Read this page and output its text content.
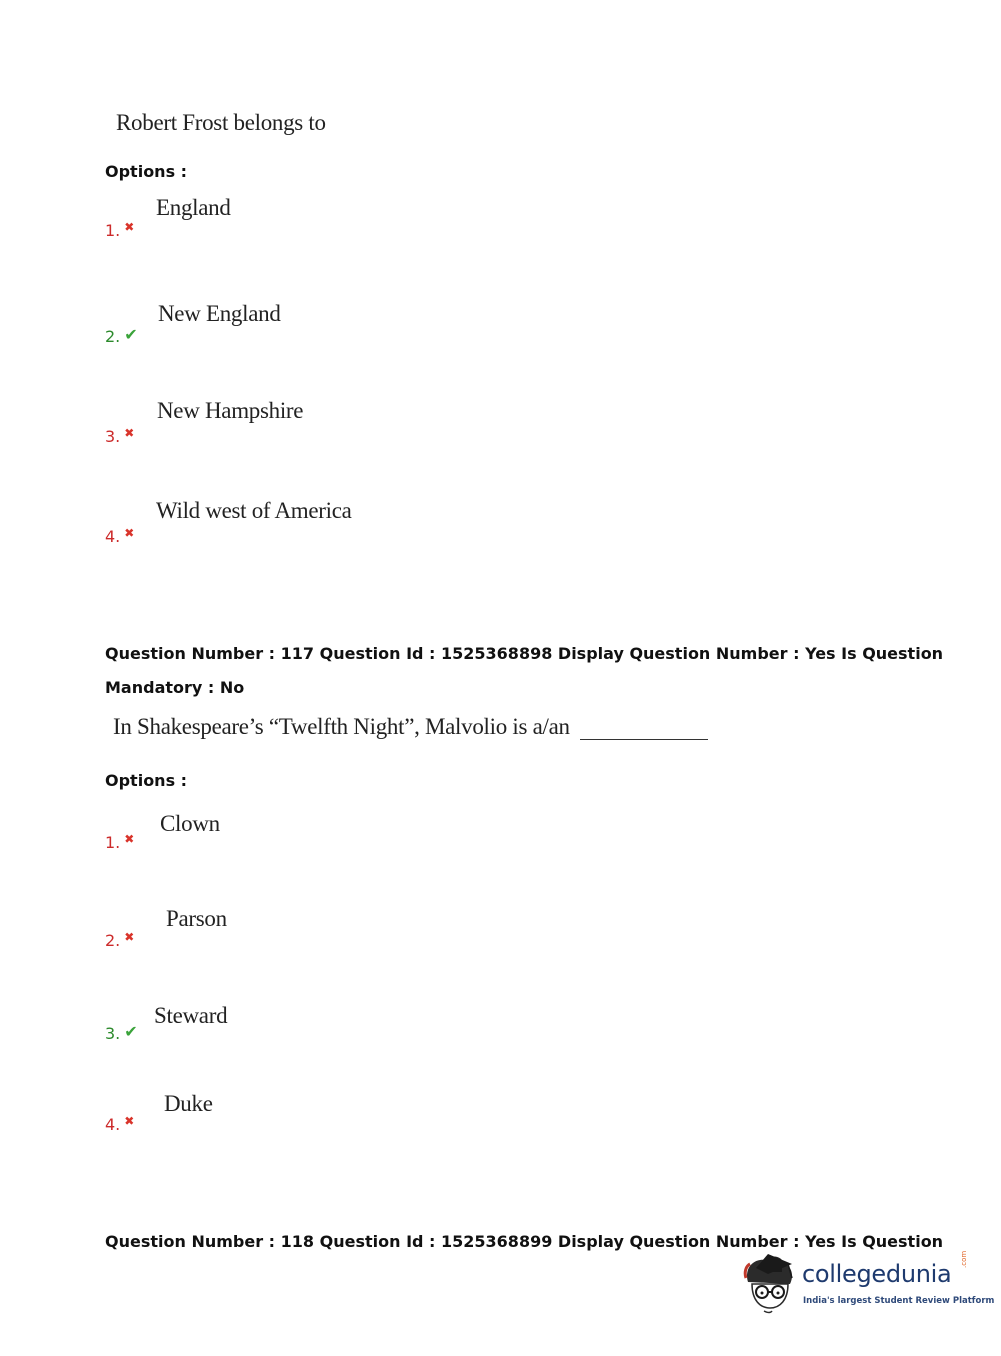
Robert Frost belongs to
Options :
England
1. ✖
New England
2. ✔
New Hampshire
3. ✖
Wild west of America
4. ✖
Question Number : 117 Question Id : 1525368898 Display Question Number : Yes Is Question
Mandatory : No
In Shakespeare’s “Twelfth Night”, Malvolio is a/an
Options :
Clown
1. ✖
Parson
2. ✖
Steward
3. ✔
Duke
4. ✖
Question Number : 118 Question Id : 1525368899 Display Question Number : Yes Is Question
collegedunia
.com
India's largest Student Review Platform
